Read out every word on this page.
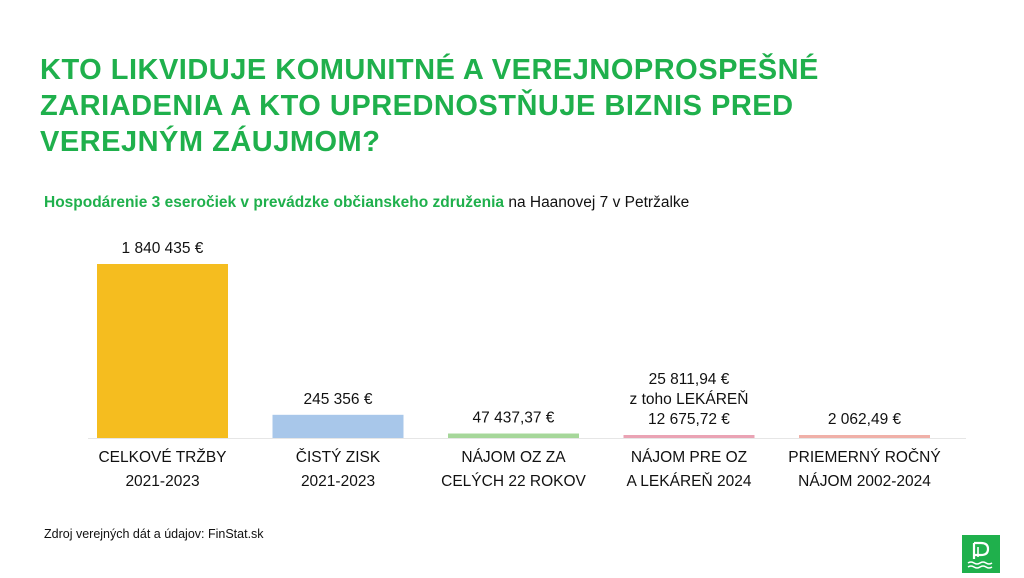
KTO LIKVIDUJE KOMUNITNÉ A VEREJNOPROSPEŠNÉ
ZARIADENIA A KTO UPREDNOSTŇUJE BIZNIS PRED
VEREJNÝM ZÁUJMOM?
Hospodárenie 3 eseročiek v prevádzke občianskeho združenia na Haanovej 7 v Petržalke
1 840 435 €
CELKOVÉ TRŽBY
2021-2023
245 356 €
ČISTÝ ZISK
2021-2023
47 437,37 €
NÁJOM OZ ZA
CELÝCH 22 ROKOV
25 811,94 €
z toho LEKÁREŇ
12 675,72 €
NÁJOM PRE OZ
A LEKÁREŇ 2024
2 062,49 €
PRIEMERNÝ ROČNÝ
NÁJOM 2002-2024
Zdroj verejných dát a údajov: FinStat.sk
